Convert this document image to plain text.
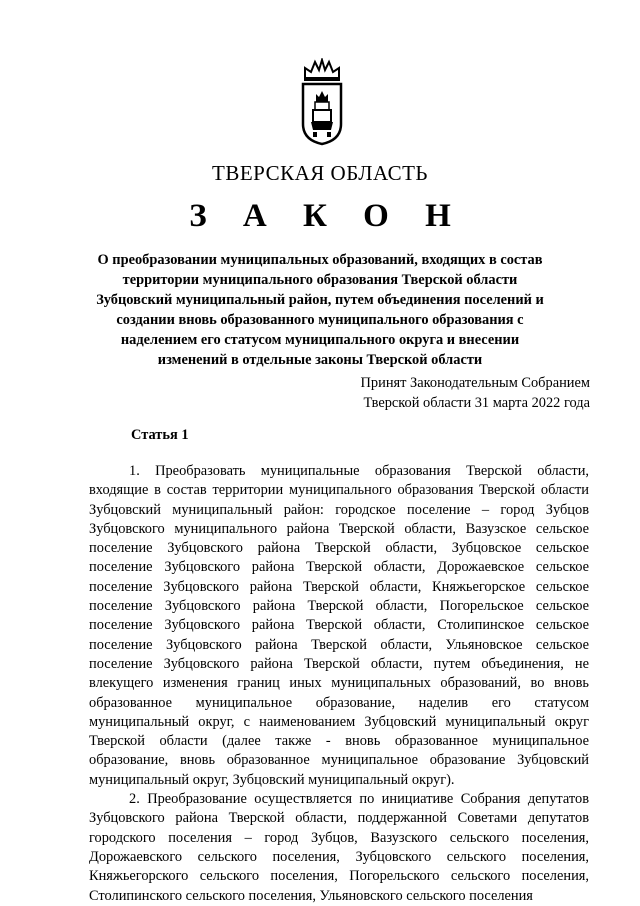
ТВЕРСКАЯ ОБЛАСТЬ
З А К О Н
О преобразовании муниципальных образований, входящих в состав территории муниципального образования Тверской области Зубцовский муниципальный район, путем объединения поселений и создании вновь образованного муниципального образования с наделением его статусом муниципального округа и внесении изменений в отдельные законы Тверской области
Принят Законодательным Собранием
Тверской области 31 марта 2022 года
Статья 1

1. Преобразовать муниципальные образования Тверской области, входящие в состав территории муниципального образования Тверской области Зубцовский муниципальный район: городское поселение – город Зубцов Зубцовского муниципального района Тверской области, Вазузское сельское поселение Зубцовского района Тверской области, Зубцовское сельское поселение Зубцовского района Тверской области, Дорожаевское сельское поселение Зубцовского района Тверской области, Княжьегорское сельское поселение Зубцовского района Тверской области, Погорельское сельское поселение Зубцовского района Тверской области, Столипинское сельское поселение Зубцовского района Тверской области, Ульяновское сельское поселение Зубцовского района Тверской области, путем объединения, не влекущего изменения границ иных муниципальных образований, во вновь образованное муниципальное образование, наделив его статусом муниципальный округ, с наименованием Зубцовский муниципальный округ Тверской области (далее также - вновь образованное муниципальное образование, вновь образованное муниципальное образование Зубцовский муниципальный округ, Зубцовский муниципальный округ).

2. Преобразование осуществляется по инициативе Собрания депутатов Зубцовского района Тверской области, поддержанной Советами депутатов городского поселения – город Зубцов, Вазузского сельского поселения, Дорожаевского сельского поселения, Зубцовского сельского поселения, Княжьегорского сельского поселения, Погорельского сельского поселения, Столипинского сельского поселения, Ульяновского сельского поселения
